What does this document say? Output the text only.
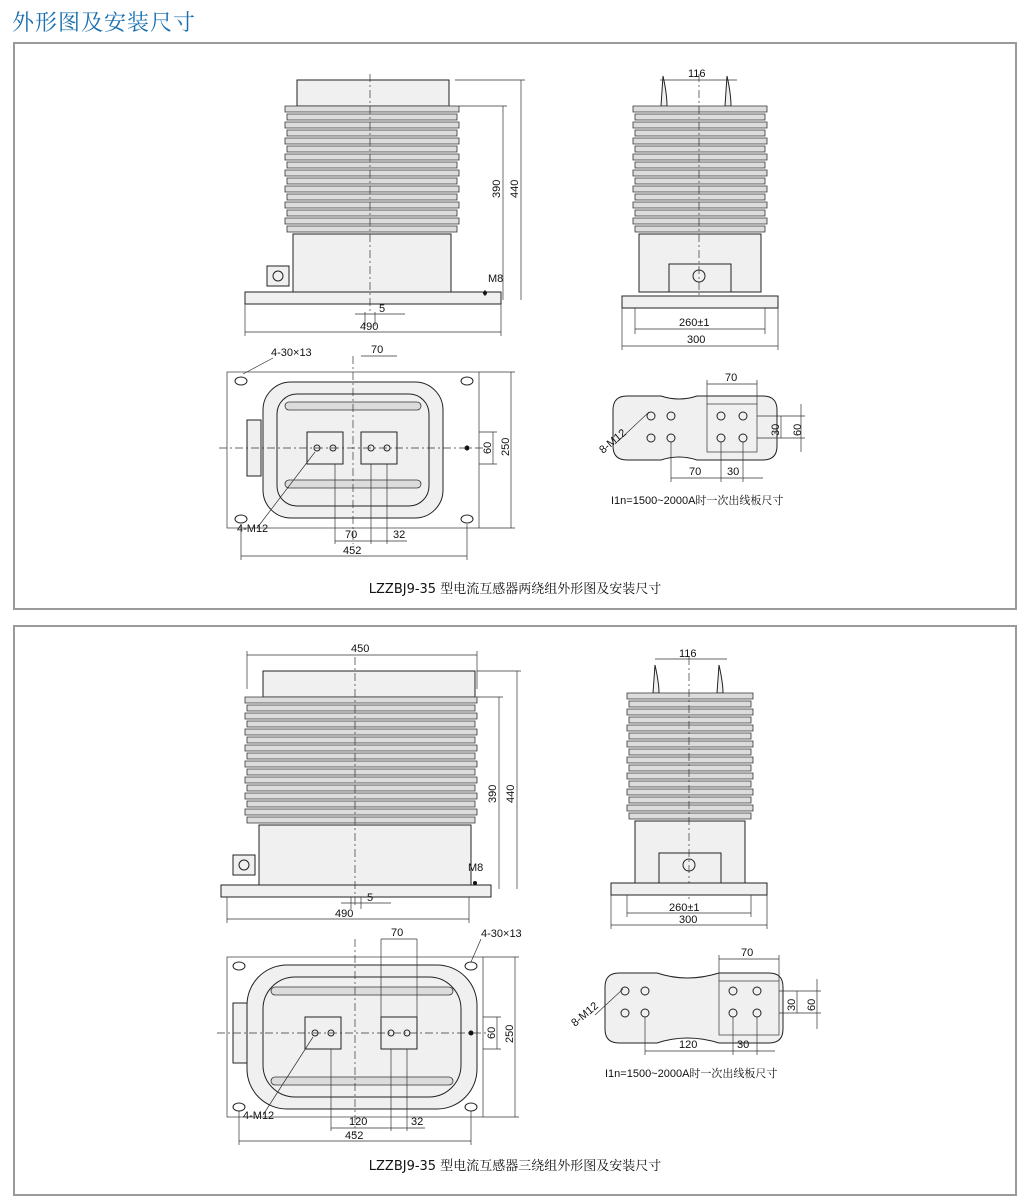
外形图及安装尺寸
390 440
M8
5
490
116
260±1
300
4-30×13	70
60 250
4-M12	70	32
452
70
8-M12	30 60
70 30
I1n=1500~2000A时一次出线板尺寸
LZZBJ9-35 型电流互感器两绕组外形图及安装尺寸
450
390 440
M8
5
490
116
260±1
300
4-30×13
70
60 250
4-M12	120	32
452
70
8-M12	30 60
120	30
I1n=1500~2000A时一次出线板尺寸
LZZBJ9-35 型电流互感器三绕组外形图及安装尺寸
